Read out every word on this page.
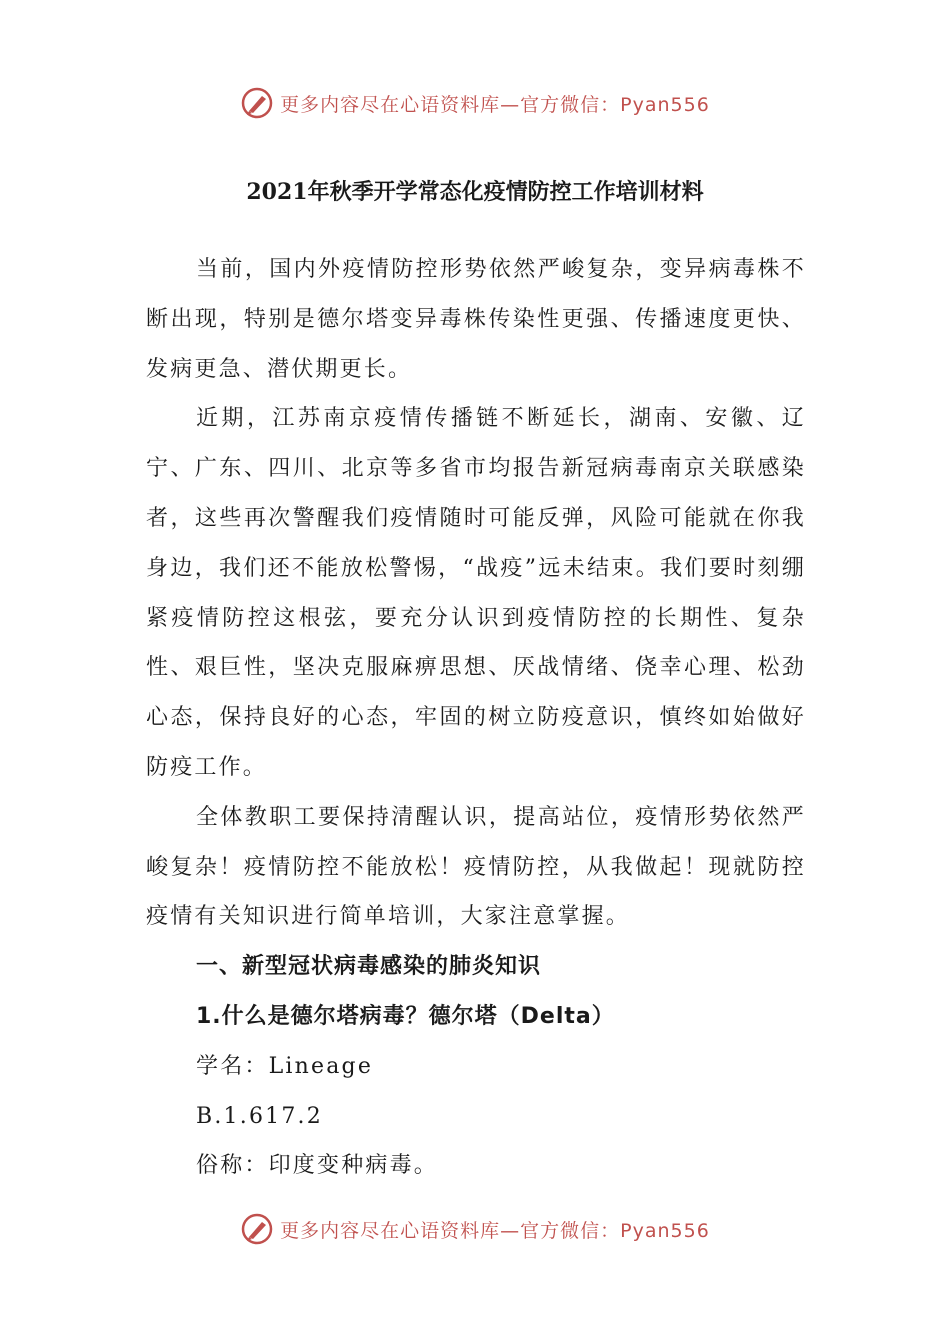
更多内容尽在心语资料库—官方微信：Pyan556
2021年秋季开学常态化疫情防控工作培训材料

当前，国内外疫情防控形势依然严峻复杂，变异病毒株不断出现，特别是德尔塔变异毒株传染性更强、传播速度更快、发病更急、潜伏期更长。

近期，江苏南京疫情传播链不断延长，湖南、安徽、辽宁、广东、四川、北京等多省市均报告新冠病毒南京关联感染者，这些再次警醒我们疫情随时可能反弹，风险可能就在你我身边，我们还不能放松警惕，“战疫”远未结束。我们要时刻绷紧疫情防控这根弦，要充分认识到疫情防控的长期性、复杂性、艰巨性，坚决克服麻痹思想、厌战情绪、侥幸心理、松劲心态，保持良好的心态，牢固的树立防疫意识，慎终如始做好防疫工作。

全体教职工要保持清醒认识，提高站位，疫情形势依然严峻复杂！疫情防控不能放松！疫情防控，从我做起！现就防控疫情有关知识进行简单培训，大家注意掌握。

一、新型冠状病毒感染的肺炎知识

1.什么是德尔塔病毒？德尔塔（Delta）

学名：Lineage

B.1.617.2

俗称：印度变种病毒。

更多内容尽在心语资料库—官方微信：Pyan556
